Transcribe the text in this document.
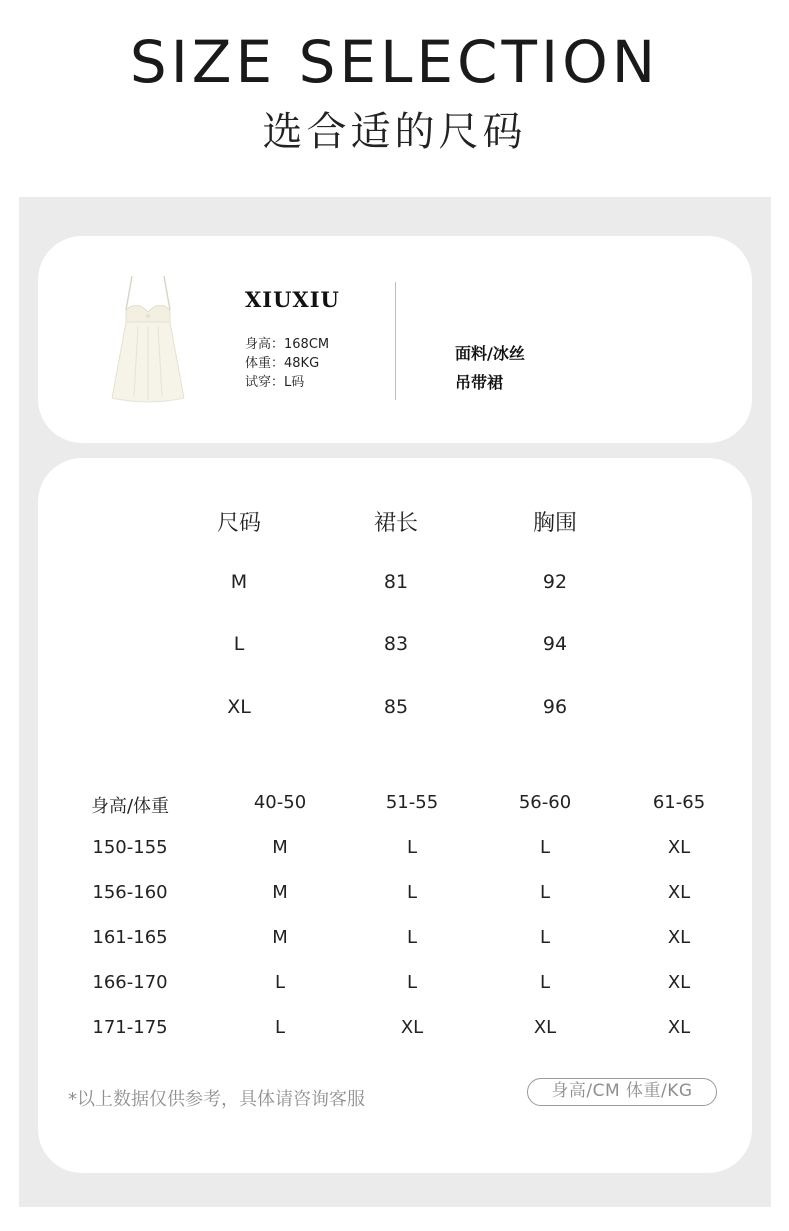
SIZE SELECTION
选合适的尺码
XIUXIU
身高：168CM
体重：48KG
试穿：L码
面料/冰丝
吊带裙
尺码	裙长	胸围
M	81	92
L	83	94
XL	85	96
身高/体重	40-50	51-55	56-60	61-65
150-155	M	L	L	XL
156-160	M	L	L	XL
161-165	M	L	L	XL
166-170	L	L	L	XL
171-175	L	XL	XL	XL
*以上数据仅供参考，具体请咨询客服	身高/CM 体重/KG
